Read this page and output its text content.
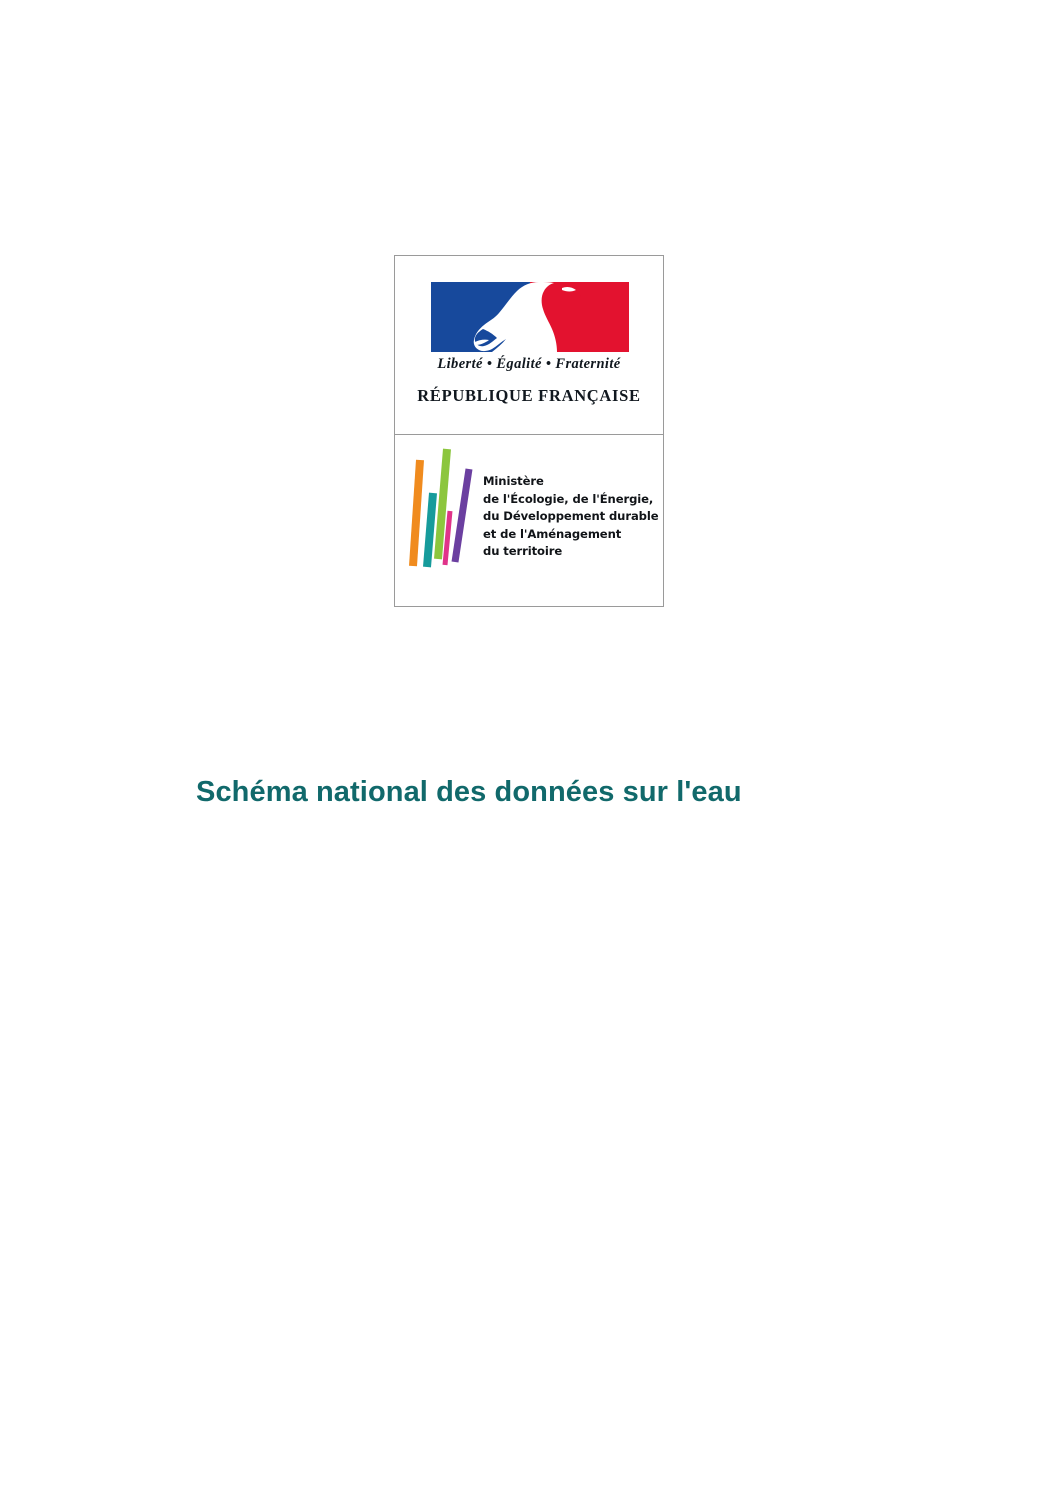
Liberté • Égalité • Fraternité
RÉPUBLIQUE FRANÇAISE
Ministère
de l'Écologie, de l'Énergie,
du Développement durable
et de l'Aménagement
du territoire
Schéma national des données sur l'eau
